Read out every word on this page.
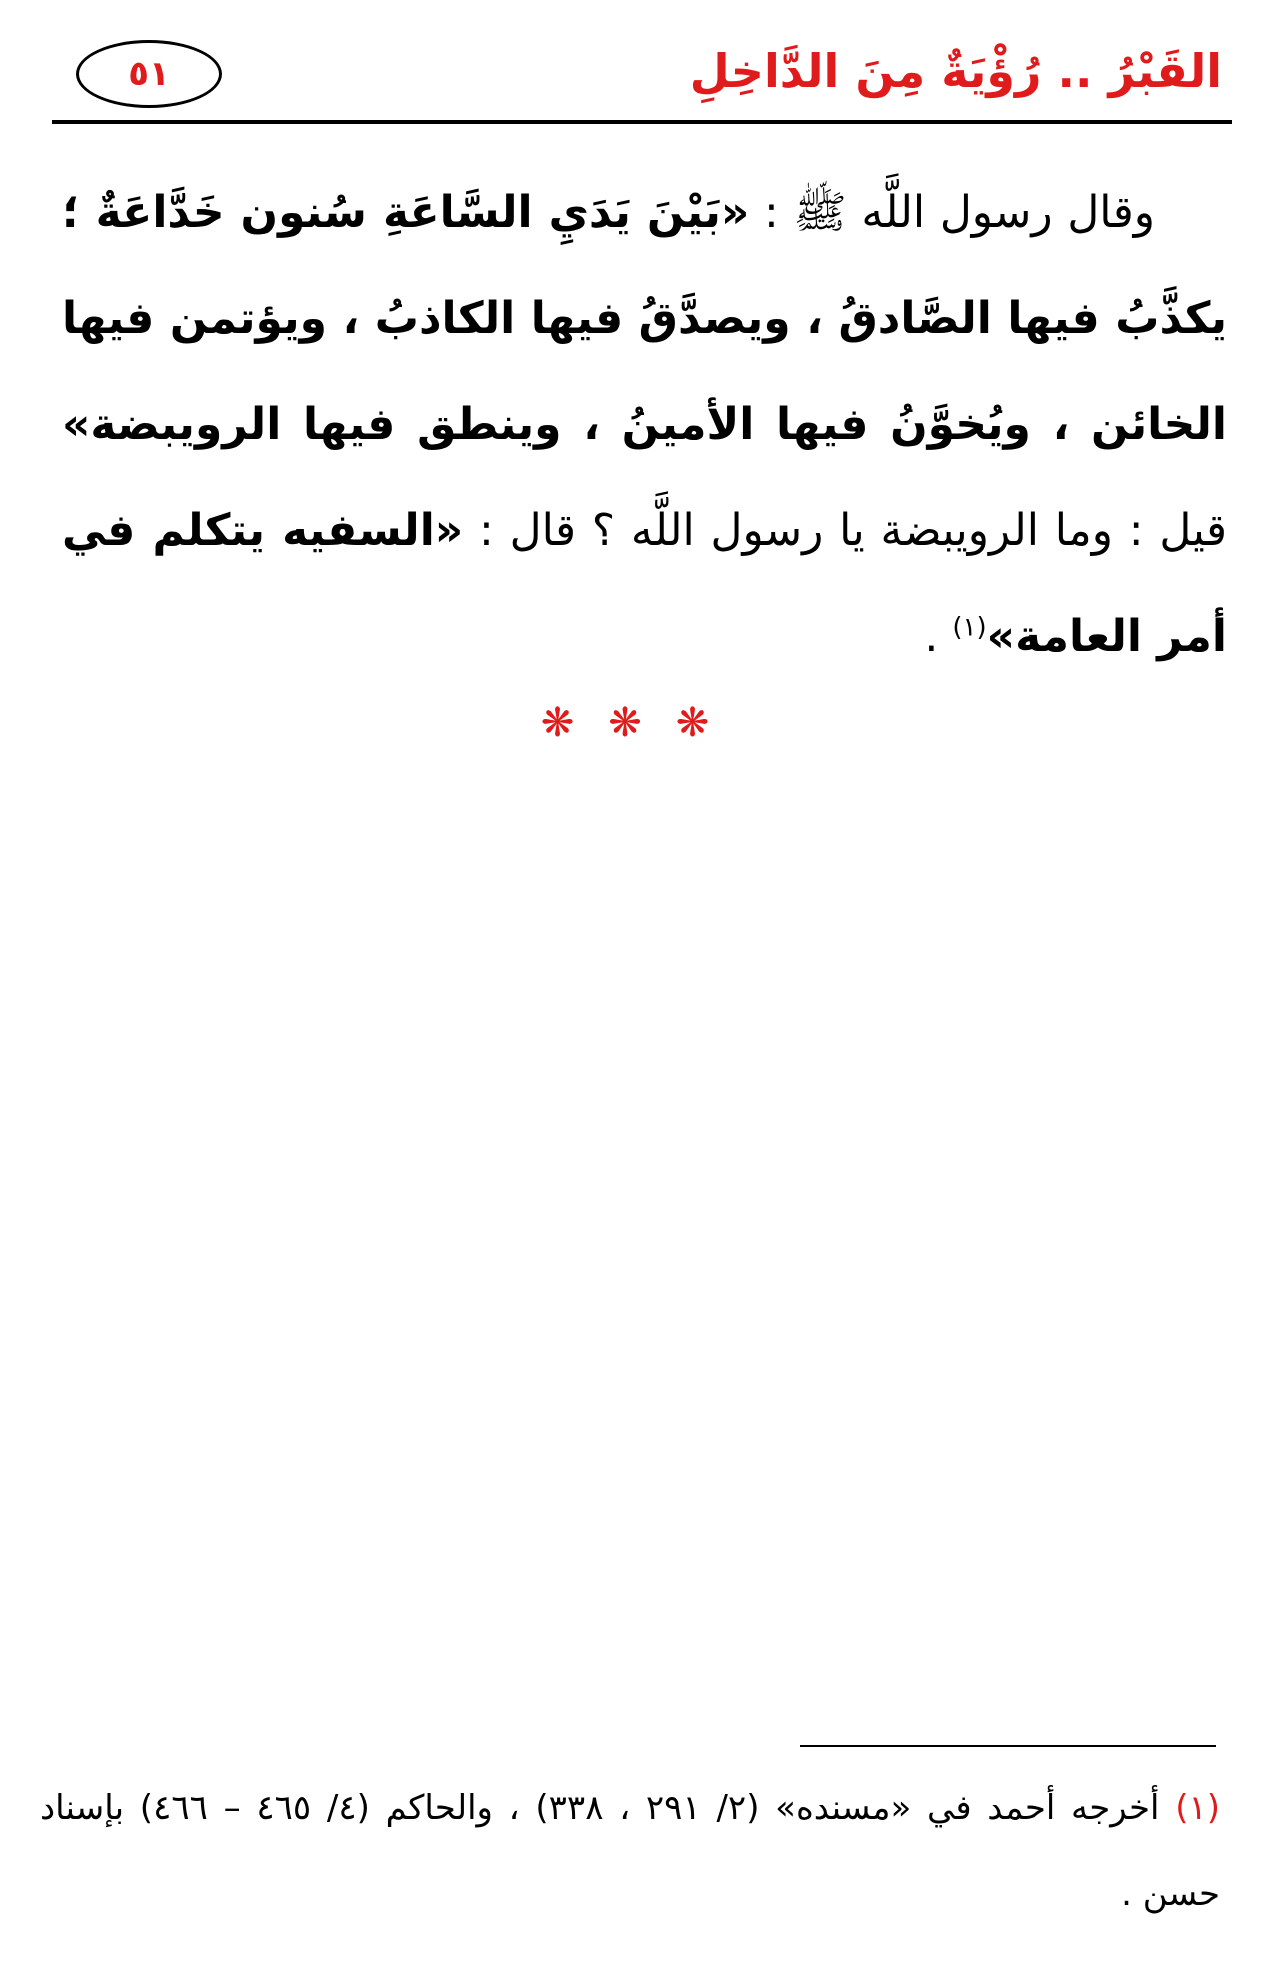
القَبْرُ .. رُؤْيَةٌ مِنَ الدَّاخِلِ
٥١
وقال رسول اللَّه ﷺ : «بَيْنَ يَدَيِ السَّاعَةِ سُنون خَدَّاعَةٌ ؛ يكذَّبُ فيها الصَّادقُ ، ويصدَّقُ فيها الكاذبُ ، ويؤتمن فيها الخائن ، ويُخوَّنُ فيها الأمينُ ، وينطق فيها الرويبضة» قيل : وما الرويبضة يا رسول اللَّه ؟ قال : «السفيه يتكلم في أمر العامة»$^{(١)}$ .
❋❋❋
(١) أخرجه أحمد في «مسنده» (٢/ ٢٩١ ، ٣٣٨) ، والحاكم (٤/ ٤٦٥ – ٤٦٦) بإسناد حسن .
